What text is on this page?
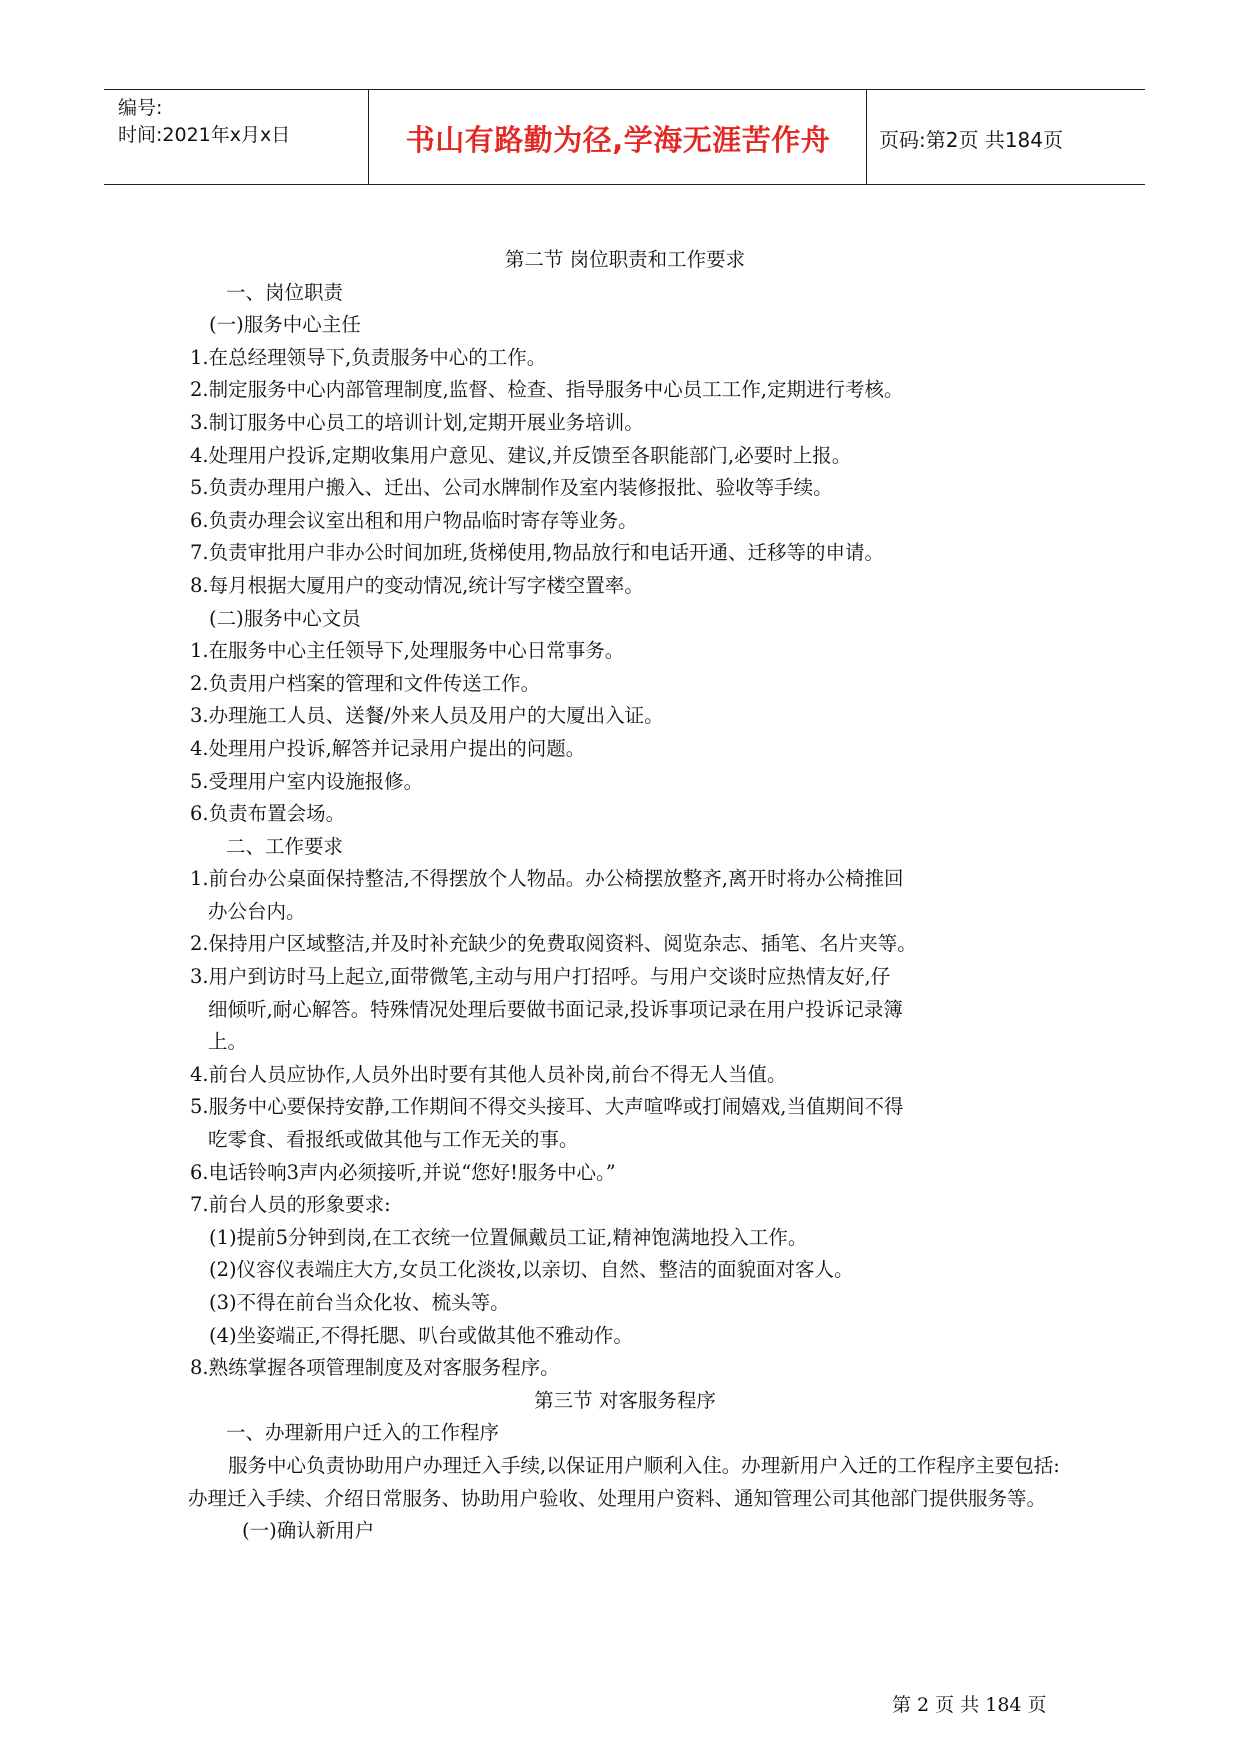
编号:
时间:2021年x月x日	书山有路勤为径,学海无涯苦作舟	页码:第2页 共184页
第二节 岗位职责和工作要求
一、岗位职责
(一)服务中心主任
1.在总经理领导下,负责服务中心的工作。
2.制定服务中心内部管理制度,监督、检查、指导服务中心员工工作,定期进行考核。
3.制订服务中心员工的培训计划,定期开展业务培训。
4.处理用户投诉,定期收集用户意见、建议,并反馈至各职能部门,必要时上报。
5.负责办理用户搬入、迁出、公司水牌制作及室内装修报批、验收等手续。
6.负责办理会议室出租和用户物品临时寄存等业务。
7.负责审批用户非办公时间加班,货梯使用,物品放行和电话开通、迁移等的申请。
8.每月根据大厦用户的变动情况,统计写字楼空置率。
(二)服务中心文员
1.在服务中心主任领导下,处理服务中心日常事务。
2.负责用户档案的管理和文件传送工作。
3.办理施工人员、送餐/外来人员及用户的大厦出入证。
4.处理用户投诉,解答并记录用户提出的问题。
5.受理用户室内设施报修。
6.负责布置会场。
二、工作要求
1.前台办公桌面保持整洁,不得摆放个人物品。办公椅摆放整齐,离开时将办公椅推回
办公台内。
2.保持用户区域整洁,并及时补充缺少的免费取阅资料、阅览杂志、插笔、名片夹等。
3.用户到访时马上起立,面带微笔,主动与用户打招呼。与用户交谈时应热情友好,仔
细倾听,耐心解答。特殊情况处理后要做书面记录,投诉事项记录在用户投诉记录簿
上。
4.前台人员应协作,人员外出时要有其他人员补岗,前台不得无人当值。
5.服务中心要保持安静,工作期间不得交头接耳、大声喧哗或打闹嬉戏,当值期间不得
吃零食、看报纸或做其他与工作无关的事。
6.电话铃响3声内必须接听,并说“您好!服务中心。”
7.前台人员的形象要求:
(1)提前5分钟到岗,在工衣统一位置佩戴员工证,精神饱满地投入工作。
(2)仪容仪表端庄大方,女员工化淡妆,以亲切、自然、整洁的面貌面对客人。
(3)不得在前台当众化妆、梳头等。
(4)坐姿端正,不得托腮、叭台或做其他不雅动作。
8.熟练掌握各项管理制度及对客服务程序。
第三节 对客服务程序
一、办理新用户迁入的工作程序
服务中心负责协助用户办理迁入手续,以保证用户顺利入住。办理新用户入迁的工作程序主要包括:办理迁入手续、介绍日常服务、协助用户验收、处理用户资料、通知管理公司其他部门提供服务等。
(一)确认新用户
第 2 页 共 184 页
